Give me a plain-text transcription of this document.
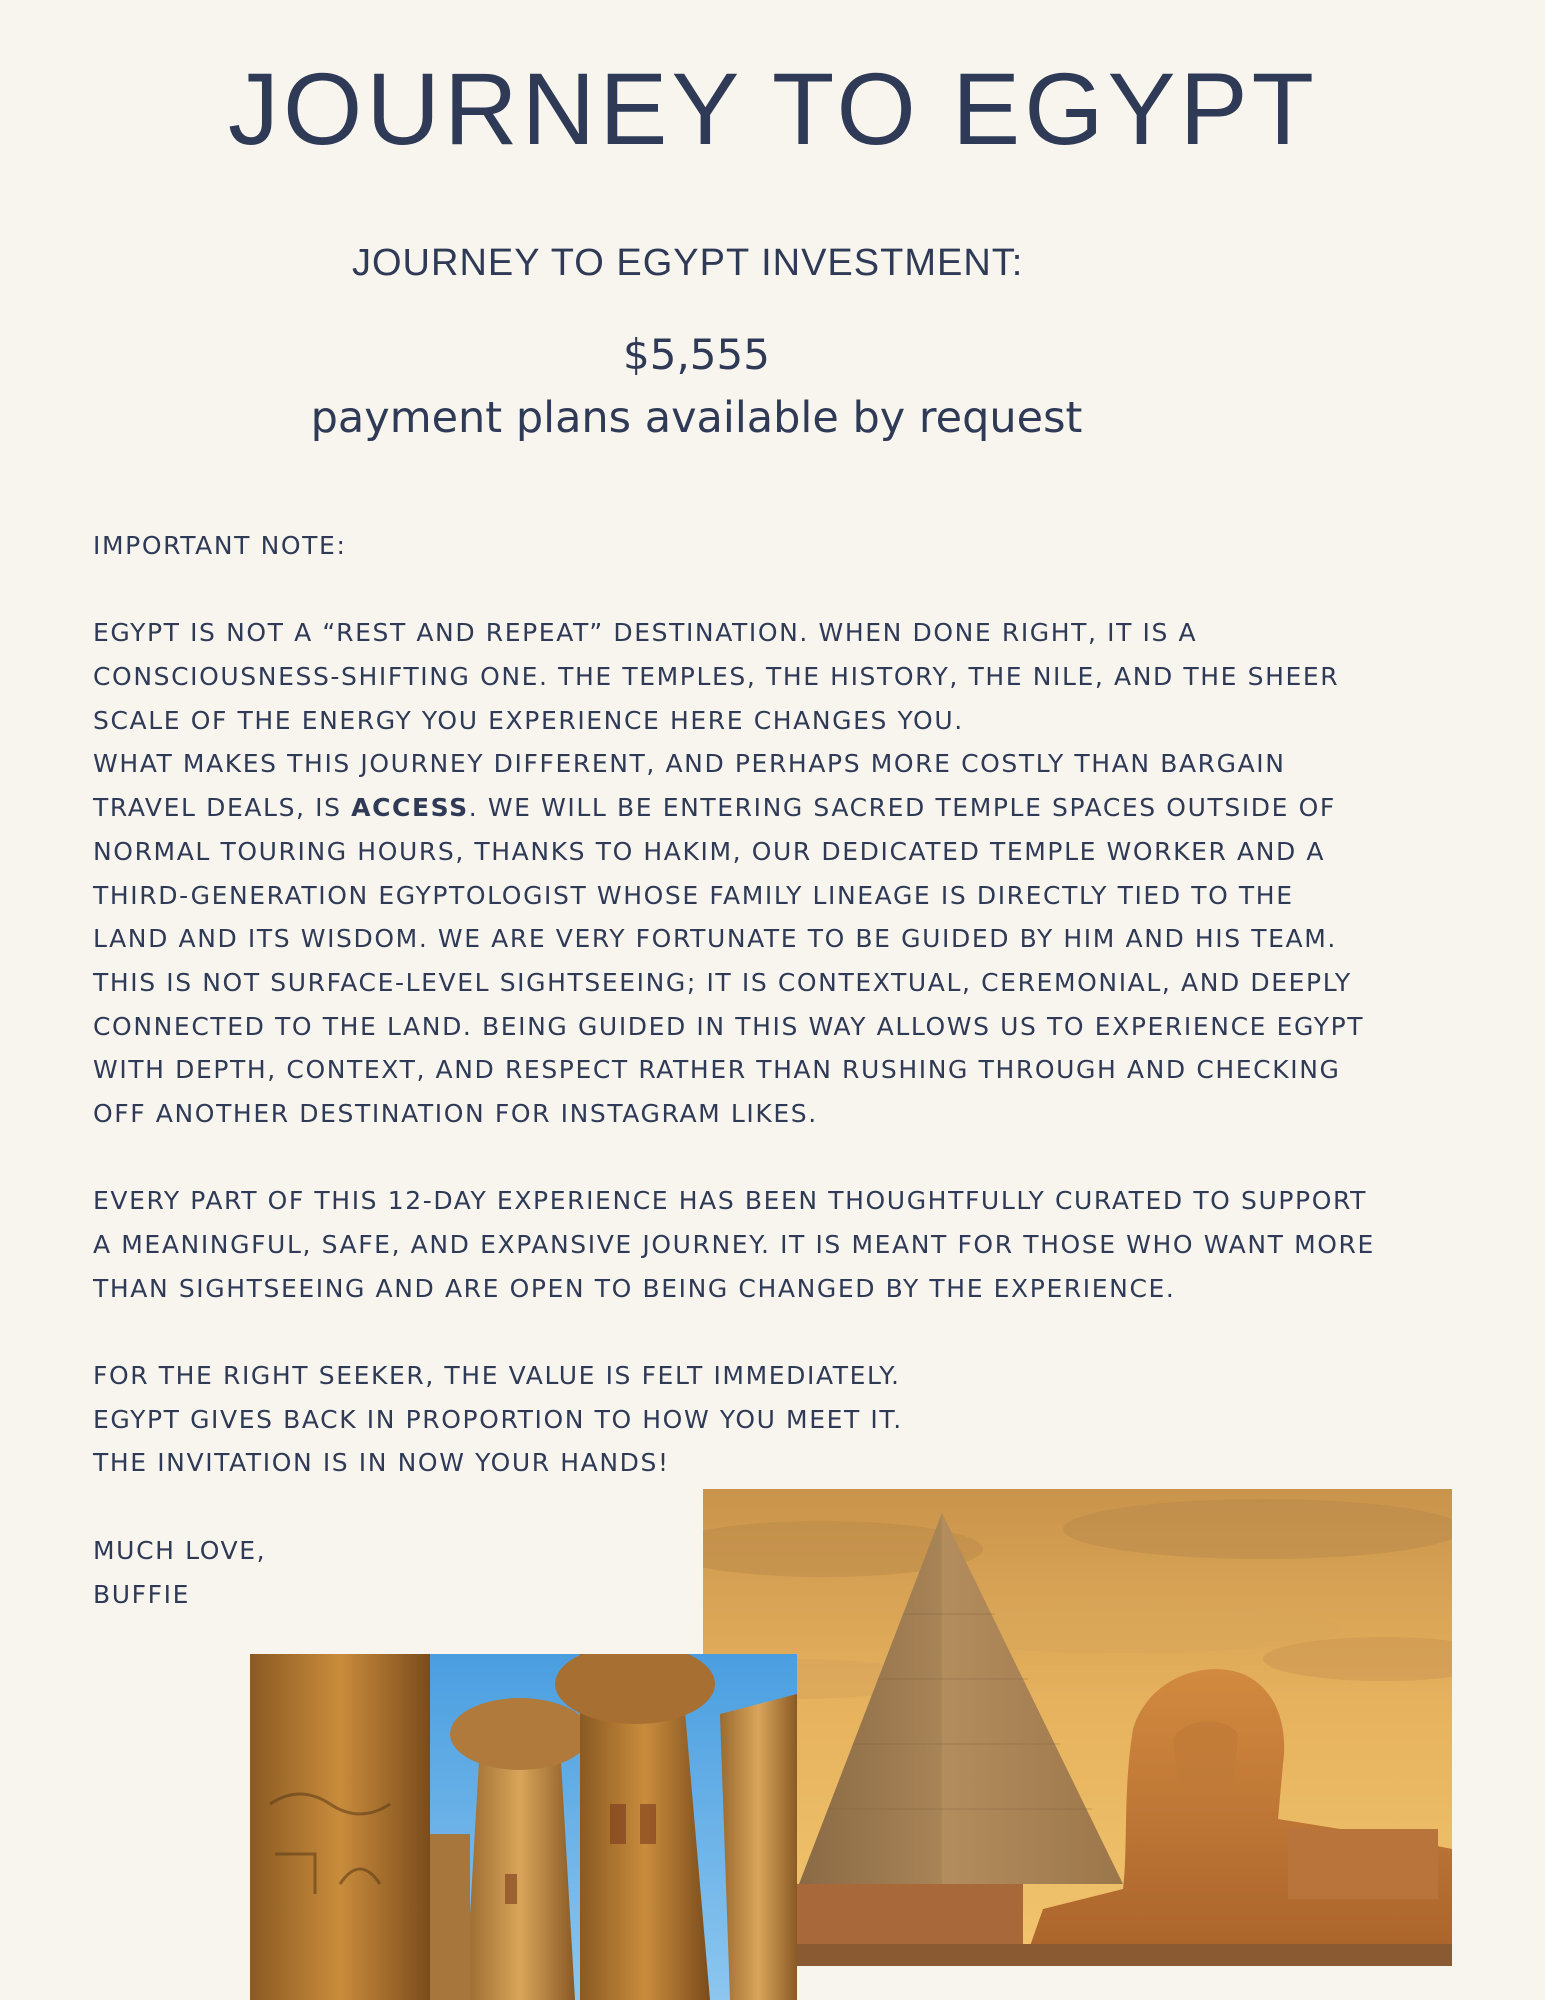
JOURNEY TO EGYPT
JOURNEY TO EGYPT INVESTMENT:
$5,555
payment plans available by request
IMPORTANT NOTE:
EGYPT IS NOT A “REST AND REPEAT” DESTINATION. WHEN DONE RIGHT, IT IS A
CONSCIOUSNESS-SHIFTING ONE. THE TEMPLES, THE HISTORY, THE NILE, AND THE SHEER
SCALE OF THE ENERGY YOU EXPERIENCE HERE CHANGES YOU.
WHAT MAKES THIS JOURNEY DIFFERENT, AND PERHAPS MORE COSTLY THAN BARGAIN
TRAVEL DEALS, IS ACCESS. WE WILL BE ENTERING SACRED TEMPLE SPACES OUTSIDE OF
NORMAL TOURING HOURS, THANKS TO HAKIM, OUR DEDICATED TEMPLE WORKER AND A
THIRD-GENERATION EGYPTOLOGIST WHOSE FAMILY LINEAGE IS DIRECTLY TIED TO THE
LAND AND ITS WISDOM. WE ARE VERY FORTUNATE TO BE GUIDED BY HIM AND HIS TEAM.
THIS IS NOT SURFACE-LEVEL SIGHTSEEING; IT IS CONTEXTUAL, CEREMONIAL, AND DEEPLY
CONNECTED TO THE LAND. BEING GUIDED IN THIS WAY ALLOWS US TO EXPERIENCE EGYPT
WITH DEPTH, CONTEXT, AND RESPECT RATHER THAN RUSHING THROUGH AND CHECKING
OFF ANOTHER DESTINATION FOR INSTAGRAM LIKES.
EVERY PART OF THIS 12-DAY EXPERIENCE HAS BEEN THOUGHTFULLY CURATED TO SUPPORT
A MEANINGFUL, SAFE, AND EXPANSIVE JOURNEY. IT IS MEANT FOR THOSE WHO WANT MORE
THAN SIGHTSEEING AND ARE OPEN TO BEING CHANGED BY THE EXPERIENCE.
FOR THE RIGHT SEEKER, THE VALUE IS FELT IMMEDIATELY.
EGYPT GIVES BACK IN PROPORTION TO HOW YOU MEET IT.
THE INVITATION IS IN NOW YOUR HANDS!
MUCH LOVE,
BUFFIE
